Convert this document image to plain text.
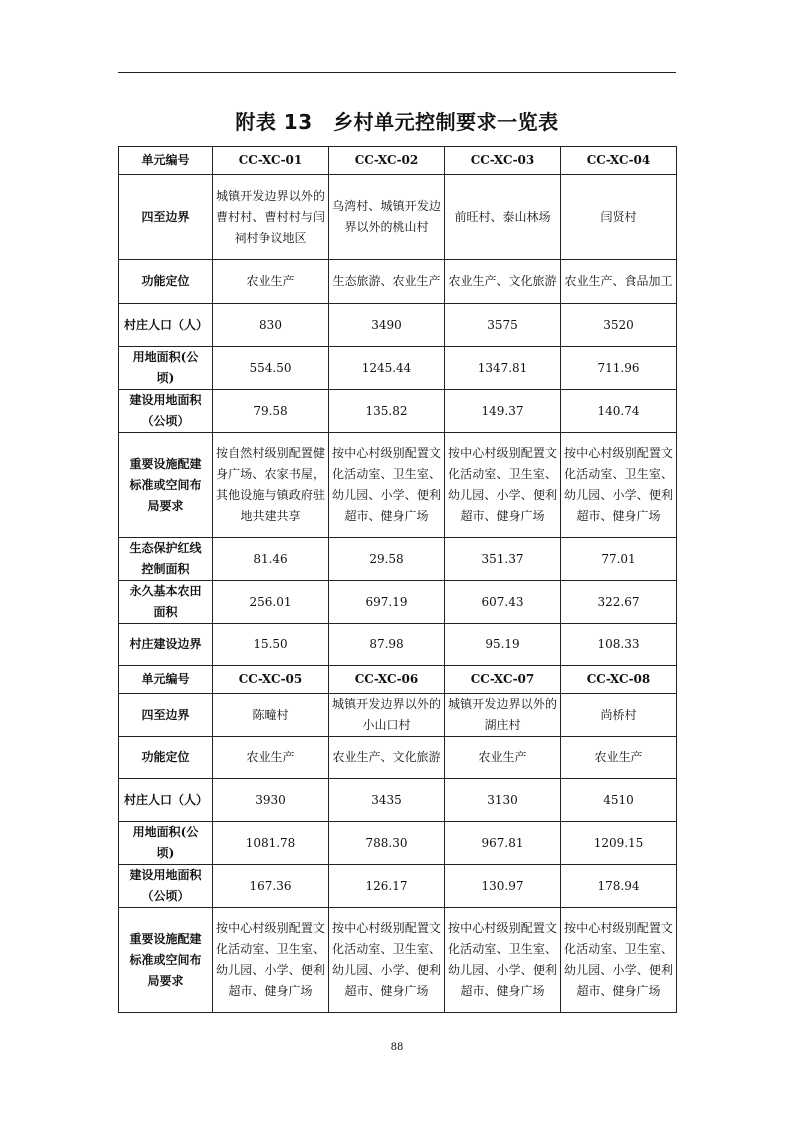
附表 13　乡村单元控制要求一览表
单元编号	CC-XC-01	CC-XC-02	CC-XC-03	CC-XC-04
四至边界	城镇开发边界以外的曹村村、曹村村与闫祠村争议地区	乌湾村、城镇开发边界以外的桃山村	前旺村、泰山林场	闫贤村
功能定位	农业生产	生态旅游、农业生产	农业生产、文化旅游	农业生产、食品加工
村庄人口（人）	830	3490	3575	3520
用地面积(公顷)	554.50	1245.44	1347.81	711.96
建设用地面积（公顷）	79.58	135.82	149.37	140.74
重要设施配建标准或空间布局要求	按自然村级别配置健身广场、农家书屋，其他设施与镇政府驻地共建共享	按中心村级别配置文化活动室、卫生室、幼儿园、小学、便利超市、健身广场	按中心村级别配置文化活动室、卫生室、幼儿园、小学、便利超市、健身广场	按中心村级别配置文化活动室、卫生室、幼儿园、小学、便利超市、健身广场
生态保护红线控制面积	81.46	29.58	351.37	77.01
永久基本农田面积	256.01	697.19	607.43	322.67
村庄建设边界	15.50	87.98	95.19	108.33
单元编号	CC-XC-05	CC-XC-06	CC-XC-07	CC-XC-08
四至边界	陈疃村	城镇开发边界以外的小山口村	城镇开发边界以外的湖庄村	尚桥村
功能定位	农业生产	农业生产、文化旅游	农业生产	农业生产
村庄人口（人）	3930	3435	3130	4510
用地面积(公顷)	1081.78	788.30	967.81	1209.15
建设用地面积（公顷）	167.36	126.17	130.97	178.94
重要设施配建标准或空间布局要求	按中心村级别配置文化活动室、卫生室、幼儿园、小学、便利超市、健身广场	按中心村级别配置文化活动室、卫生室、幼儿园、小学、便利超市、健身广场	按中心村级别配置文化活动室、卫生室、幼儿园、小学、便利超市、健身广场	按中心村级别配置文化活动室、卫生室、幼儿园、小学、便利超市、健身广场
88
